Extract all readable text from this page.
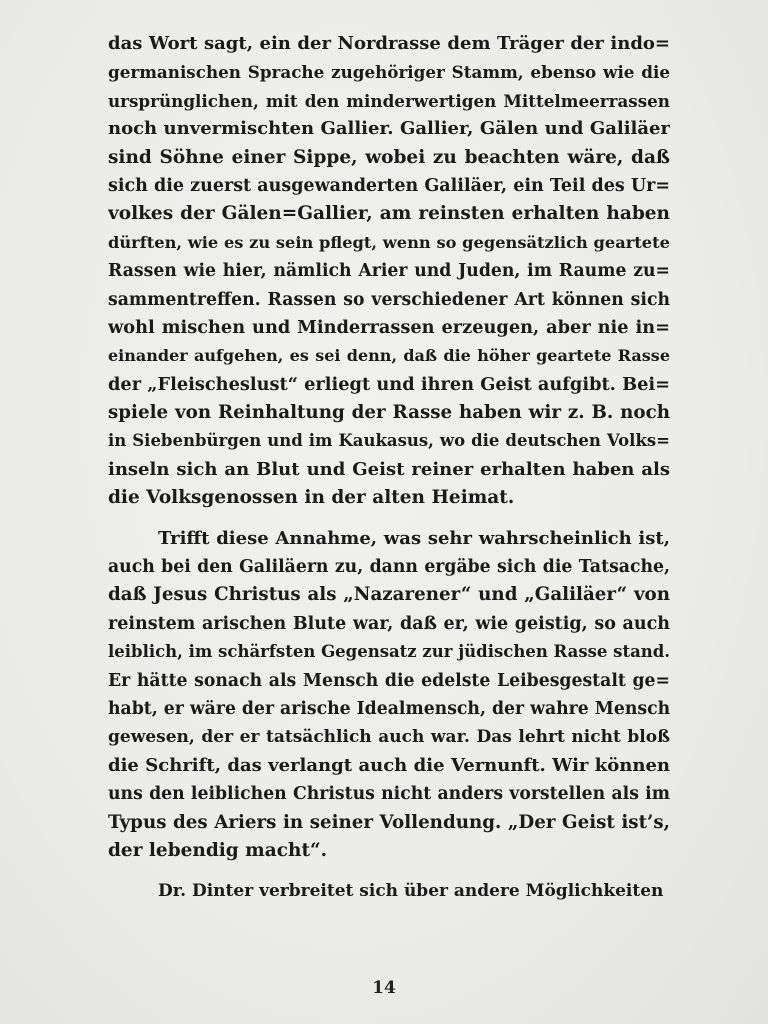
das Wort sagt, ein der Nordrasse dem Träger der indo=
germanischen Sprache zugehöriger Stamm, ebenso wie die
ursprünglichen, mit den minderwertigen Mittelmeerrassen
noch unvermischten Gallier. Gallier, Gälen und Galiläer
sind Söhne einer Sippe, wobei zu beachten wäre, daß
sich die zuerst ausgewanderten Galiläer, ein Teil des Ur=
volkes der Gälen=Gallier, am reinsten erhalten haben
dürften, wie es zu sein pflegt, wenn so gegensätzlich geartete
Rassen wie hier, nämlich Arier und Juden, im Raume zu=
sammentreffen. Rassen so verschiedener Art können sich
wohl mischen und Minderrassen erzeugen, aber nie in=
einander aufgehen, es sei denn, daß die höher geartete Rasse
der „Fleischeslust“ erliegt und ihren Geist aufgibt. Bei=
spiele von Reinhaltung der Rasse haben wir z. B. noch
in Siebenbürgen und im Kaukasus, wo die deutschen Volks=
inseln sich an Blut und Geist reiner erhalten haben als
die Volksgenossen in der alten Heimat.
Trifft diese Annahme, was sehr wahrscheinlich ist,
auch bei den Galiläern zu, dann ergäbe sich die Tatsache,
daß Jesus Christus als „Nazarener“ und „Galiläer“ von
reinstem arischen Blute war, daß er, wie geistig, so auch
leiblich, im schärfsten Gegensatz zur jüdischen Rasse stand.
Er hätte sonach als Mensch die edelste Leibesgestalt ge=
habt, er wäre der arische Idealmensch, der wahre Mensch
gewesen, der er tatsächlich auch war. Das lehrt nicht bloß
die Schrift, das verlangt auch die Vernunft. Wir können
uns den leiblichen Christus nicht anders vorstellen als im
Typus des Ariers in seiner Vollendung. „Der Geist ist’s,
der lebendig macht“.
Dr. Dinter verbreitet sich über andere Möglichkeiten
14
